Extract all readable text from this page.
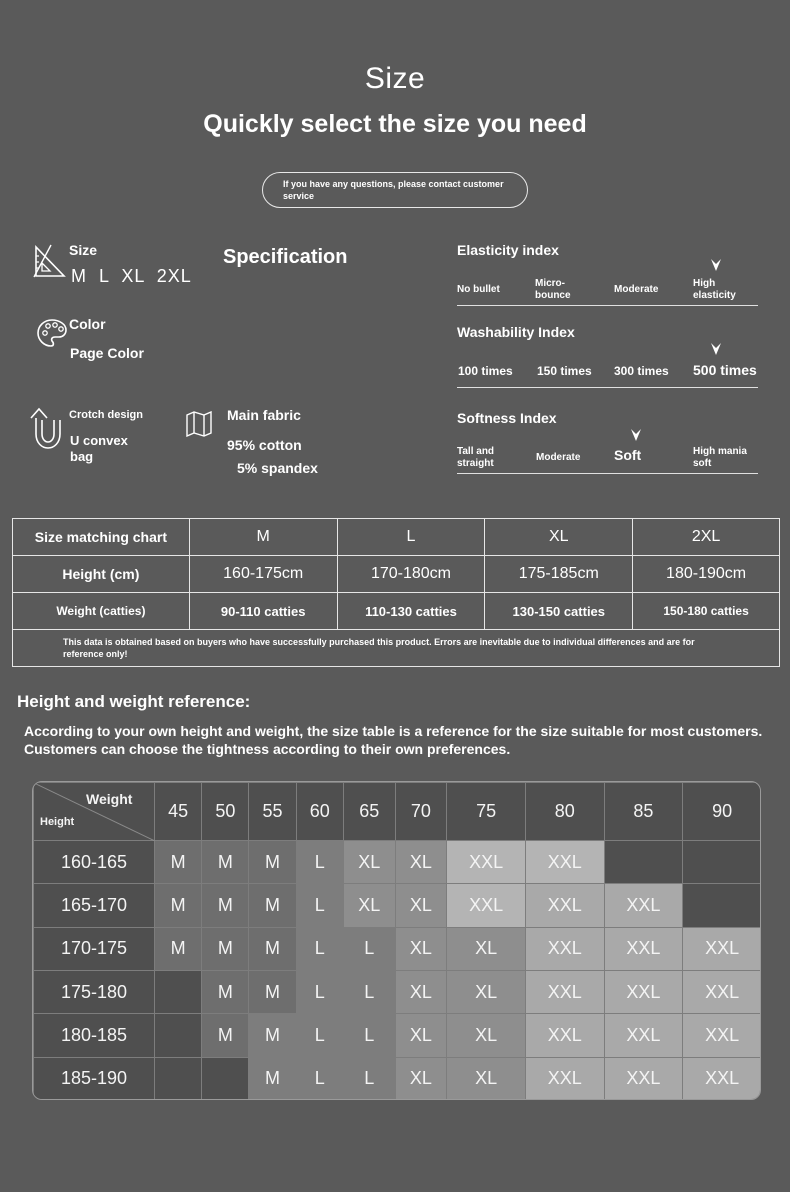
Size
Quickly select the size you need
If you have any questions, please contact customer service
Size
M  L  XL  2XL
Specification
Color
Page Color
Crotch design
U convex bag
Main fabric
95% cotton
5% spandex
Elasticity index
No bullet
Micro-bounce
Moderate
High elasticity
Washability Index
100 times 150 times 300 times 500 times
Softness Index
Tall and straight
Moderate Soft	High mania soft
Size matching chart	M	L	XL	2XL
Height (cm)	160-175cm	170-180cm	175-185cm	180-190cm
Weight (catties)	90-110 catties	110-130 catties	130-150 catties	150-180 catties
This data is obtained based on buyers who have successfully purchased this product. Errors are inevitable due to individual differences and are for reference only!				
Height and weight reference:
According to your own height and weight, the size table is a reference for the size suitable for most customers. Customers can choose the tightness according to their own preferences.
Weight
Height	45	50	55	60	65	70	75	80	85	90
160-165	M	M	M	L	XL	XL	XXL	XXL		
165-170	M	M	M	L	XL	XL	XXL	XXL	XXL	
170-175	M	M	M	L	L	XL	XL	XXL	XXL	XXL
175-180		M	M	L	L	XL	XL	XXL	XXL	XXL
180-185		M	M	L	L	XL	XL	XXL	XXL	XXL
185-190			M	L	L	XL	XL	XXL	XXL	XXL
